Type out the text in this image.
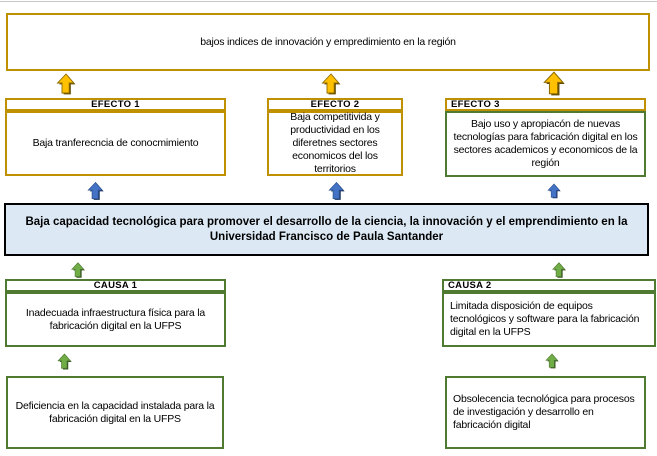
bajos indices de innovación y empredimiento en la región
EFECTO 1
Baja tranferecncia de conocmimiento
EFECTO 2
Baja competitivida y productividad en los diferetnes sectores economicos del los territorios
EFECTO 3
Bajo uso y apropiacón de nuevas tecnologías para fabricación digital en los sectores academicos y economicos de la región
Baja capacidad tecnológica para promover el desarrollo de la ciencia, la innovación y el emprendimiento en la Universidad Francisco de Paula Santander
CAUSA 1
Inadecuada infraestructura física para la fabricación digital en la UFPS
CAUSA 2
Limitada disposición de equipos tecnológicos y software para la fabricación digital en la UFPS
Deficiencia en la capacidad instalada para la fabricación digital en la UFPS
Obsolecencia tecnológica para procesos de investigación y desarrollo en fabricación digital
